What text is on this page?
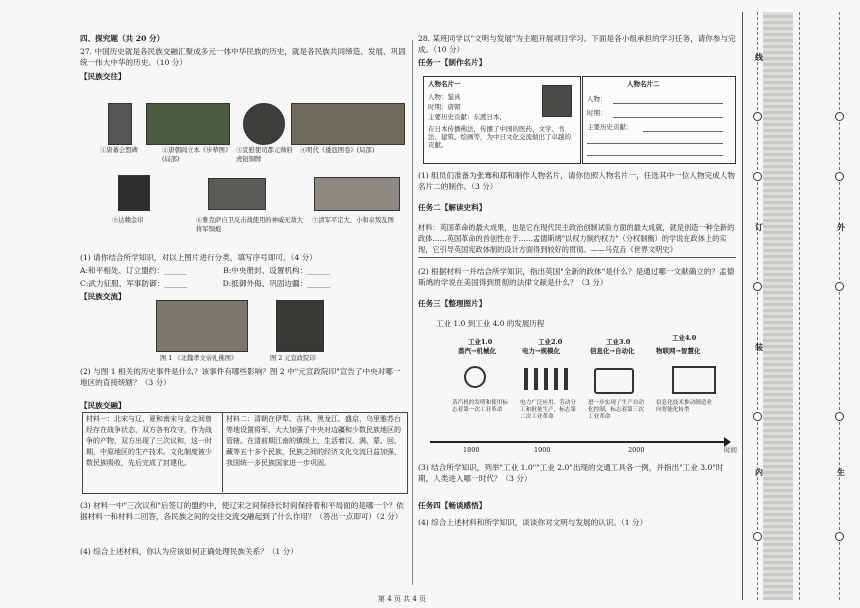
四、探究题（共 20 分）

27. 中国历史就是各民族交融汇聚成多元一体中华民族的历史，就是各民族共同缔造、发展、巩固统一伟大中华的历史。（10 分）

【民族交往】

①唐蕃会盟碑	②唐朝阎立本《步辇图》(局部)
③宣慰使司都元帅府虎钮铜牌
④明代《倭寇图卷》(局部)
⑤达赖金印	⑥雅克萨自卫反击战使用的神威无敌大将军铜炮
⑦清军平定大、小和卓叛乱图

(1) 请你结合所学知识，对以上图片进行分类，填写序号即可。（4 分）

A:和平相处、订立盟约：______	B:中央册封、设置机构：______
C:武力征服、军事防御：______	D:抵御外侮、巩固边疆：______

【民族交流】

图 1 《北魏孝文帝礼佛图》	图 2 元宣政院印

(2) 与图 1 相关的历史事件是什么？该事件有哪些影响？图 2 中"元宣政院印"宣告了中央对哪一地区的直接统辖？（3 分）

【民族交融】

材料一：北宋与辽、夏和南宋与金之间曾经存在战争状态，双方各有攻守，作为战争的产物，双方出现了三次议和，这一时期，中原地区的生产技术、文化制度被少数民族吸收，先后完成了封建化。
材料二：清朝在伊犁、吉林、黑龙江、盛京、乌里雅苏台等地设置将军，大大加强了中央对边疆和少数民族地区的管辖。在清前期江南的镇级上，生活着汉、满、蒙、回、藏等五十多个民族，民族之间的经济文化交流日益加强，我国统一多民族国家进一步巩固。

(3) 材料一中"三次议和"后签订的盟约中，使辽宋之间保持长时间保持着和平局面的是哪一个？依据材料一和材料二回答，各民族之间的交往交流交融起到了什么作用？（答出一点即可）（2 分）

(4) 综合上述材料，你认为应该如何正确处理民族关系？（1 分）

28. 某班同学以"文明与发展"为主题开展项目学习。下面是各小组承担的学习任务，请你参与完成。（10 分）

任务一【制作名片】

人物名片一
人物：鉴真
时期：唐朝
主要历史贡献：东渡日本，
在日本传播佛法，传播了中国的医药、文学、书法、建筑、绘画等，为中日文化交流做出了卓越的贡献。
人物名片二
人物：
时期：
主要历史贡献：

(1) 组员们准备为张骞和郑和制作人物名片，请你仿照人物名片一，任选其中一位人物完成人物名片二的制作。（3 分）

任务二【解读史料】

材料：英国革命的最大成果，也是它在现代民主政治创制试验方面的最大成就，就是创造一种全新的政体……英国革命的首创性在于……孟德斯鸠"以权力制约权力"（分权制衡）的学说在政体上的实现，它引导英国宪政体制的设计方面得到较好的贯彻。——马克垚《世界文明史》

(2) 根据材料一并结合所学知识，指出英国"全新的政体"是什么？是通过哪一文献确立的？孟德斯鸠的学说在美国得到贯彻的法律文献是什么？（3 分）

任务三【整理图片】

工业 1.0 到工业 4.0 的发展历程
1800	1900	2000	时间
工业1.0
蒸汽→机械化
工业2.0
电力→规模化
工业3.0
信息化→自动化
工业4.0
物联网→智慧化
蒸汽机的发明和使用标志着第一次工业革命
电力广泛应用、劳动分工和批量生产，标志第二次工业革命
进一步实现了生产自动化控制，标志着第三次工业革命
信息化技术推动制造业向智能化转型

(3) 结合所学知识，列举"工业 1.0""工业 2.0"出现的交通工具各一例，并指出"工业 3.0"时期，人类进入哪一时代？（3 分）

任务四【畅谈感悟】

(4) 综合上述材料和所学知识，谈谈你对文明与发展的认识。（1 分）

第 4 页 共 4 页
线
订
装
内
外
生
